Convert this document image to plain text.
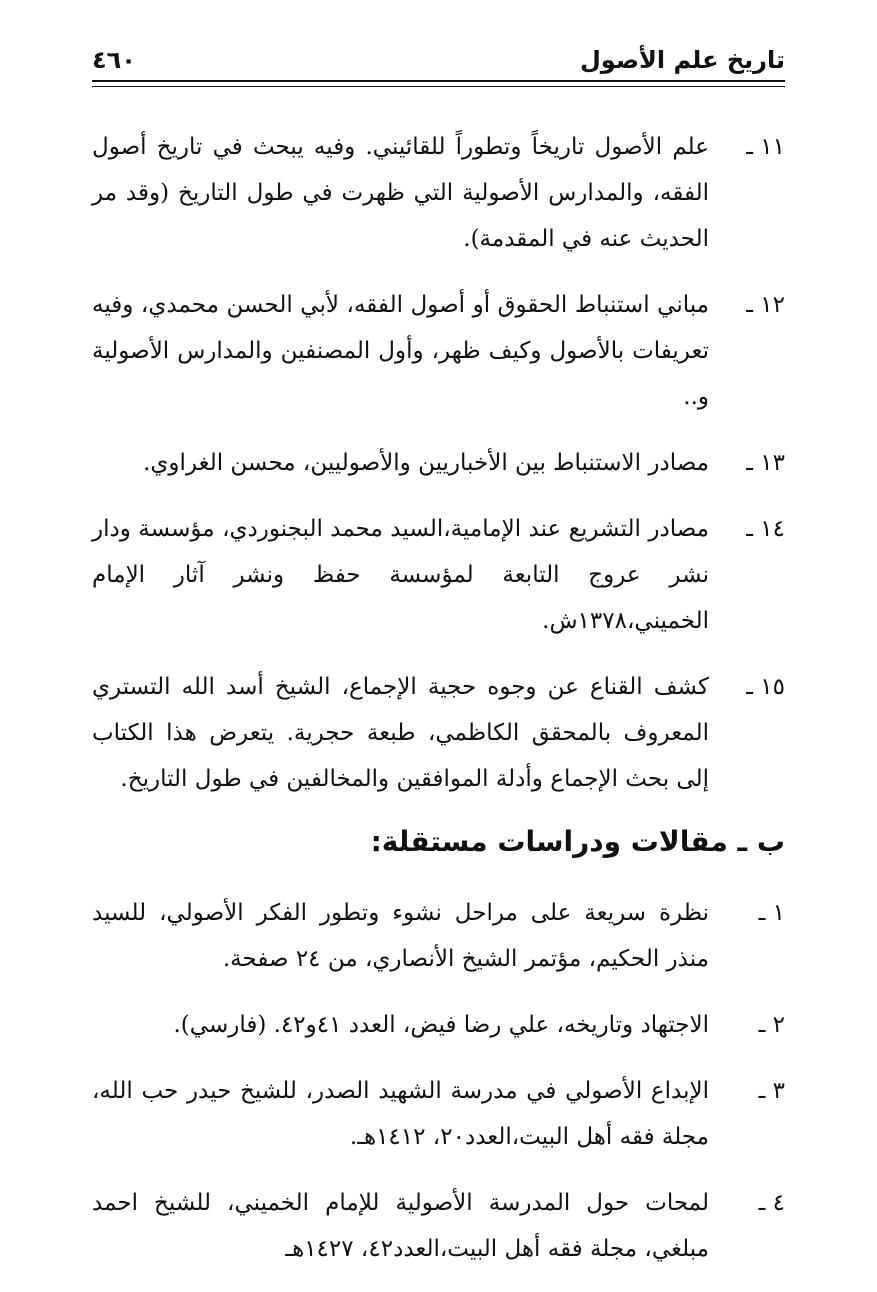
تاريخ علم الأصول
٤٦٠
١١ ـ
علم الأصول تاريخاً وتطوراً للقائيني. وفيه يبحث في تاريخ أصول الفقه، والمدارس الأصولية التي ظهرت في طول التاريخ (وقد مر الحديث عنه في المقدمة).
١٢ ـ
مباني استنباط الحقوق أو أصول الفقه، لأبي الحسن محمدي، وفيه تعريفات بالأصول وكيف ظهر، وأول المصنفين والمدارس الأصولية و..
١٣ ـ
مصادر الاستنباط بين الأخباريين والأصوليين، محسن الغراوي.
١٤ ـ
مصادر التشريع عند الإمامية،السيد محمد البجنوردي، مؤسسة ودار نشر عروج التابعة لمؤسسة حفظ ونشر آثار الإمام الخميني،١٣٧٨ش.
١٥ ـ
كشف القناع عن وجوه حجية الإجماع، الشيخ أسد الله التستري المعروف بالمحقق الكاظمي، طبعة حجرية. يتعرض هذا الكتاب إلى بحث الإجماع وأدلة الموافقين والمخالفين في طول التاريخ.
ب ـ مقالات ودراسات مستقلة:
١ ـ
نظرة سريعة على مراحل نشوء وتطور الفكر الأصولي، للسيد منذر الحكيم، مؤتمر الشيخ الأنصاري، من ٢٤ صفحة.
٢ ـ
الاجتهاد وتاريخه، علي رضا فيض، العدد ٤١و٤٢. (فارسي).
٣ ـ
الإبداع الأصولي في مدرسة الشهيد الصدر، للشيخ حيدر حب الله، مجلة فقه أهل البيت،العدد٢٠، ١٤١٢هـ.
٤ ـ
لمحات حول المدرسة الأصولية للإمام الخميني، للشيخ احمد مبلغي، مجلة فقه أهل البيت،العدد٤٢، ١٤٢٧هـ
